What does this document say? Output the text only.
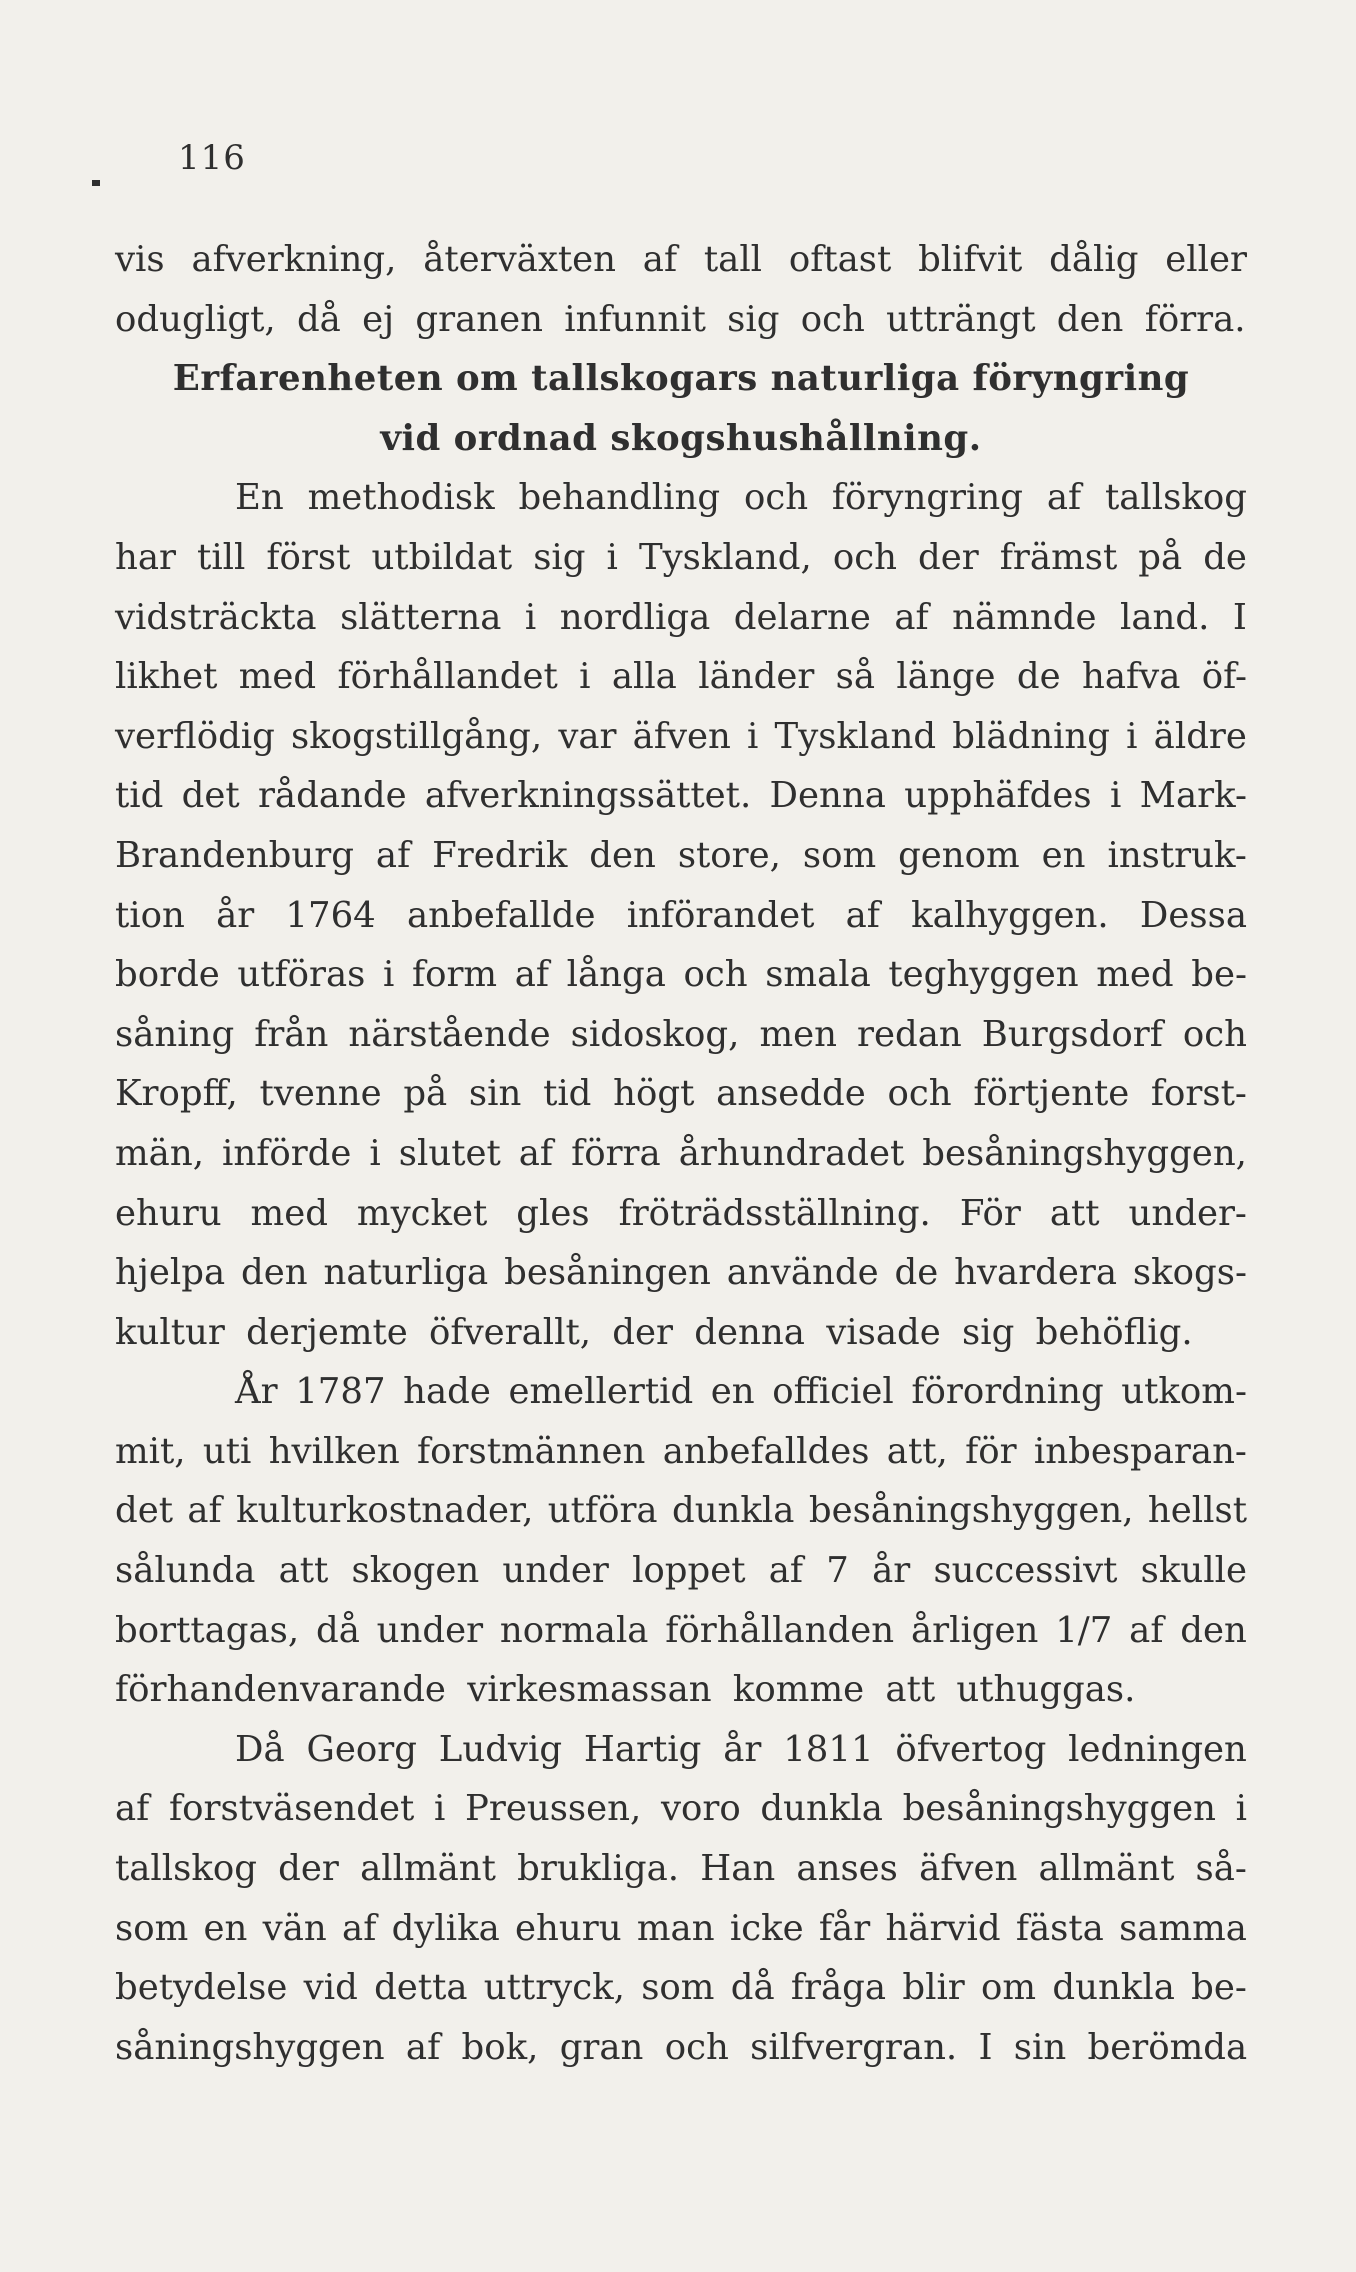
116
vis afverkning, återväxten af tall oftast blifvit dålig eller
odugligt, då ej granen infunnit sig och utträngt den förra.
Erfarenheten om tallskogars naturliga föryngring
vid ordnad skogshushållning.
En methodisk behandling och föryngring af tallskog
har till först utbildat sig i Tyskland, och der främst på de
vidsträckta slätterna i nordliga delarne af nämnde land. I
likhet med förhållandet i alla länder så länge de hafva öf-
verflödig skogstillgång, var äfven i Tyskland blädning i äldre
tid det rådande afverkningssättet. Denna upphäfdes i Mark-
Brandenburg af Fredrik den store, som genom en instruk-
tion år 1764 anbefallde införandet af kalhyggen. Dessa
borde utföras i form af långa och smala teghyggen med be-
såning från närstående sidoskog, men redan Burgsdorf och
Kropff, tvenne på sin tid högt ansedde och förtjente forst-
män, införde i slutet af förra århundradet besåningshyggen,
ehuru med mycket gles fröträdsställning. För att under-
hjelpa den naturliga besåningen använde de hvardera skogs-
kultur derjemte öfverallt, der denna visade sig behöflig.
År 1787 hade emellertid en officiel förordning utkom-
mit, uti hvilken forstmännen anbefalldes att, för inbesparan-
det af kulturkostnader, utföra dunkla besåningshyggen, hellst
sålunda att skogen under loppet af 7 år successivt skulle
borttagas, då under normala förhållanden årligen 1/7 af den
förhandenvarande virkesmassan komme att uthuggas.
Då Georg Ludvig Hartig år 1811 öfvertog ledningen
af forstväsendet i Preussen, voro dunkla besåningshyggen i
tallskog der allmänt brukliga. Han anses äfven allmänt så-
som en vän af dylika ehuru man icke får härvid fästa samma
betydelse vid detta uttryck, som då fråga blir om dunkla be-
såningshyggen af bok, gran och silfvergran. I sin berömda
